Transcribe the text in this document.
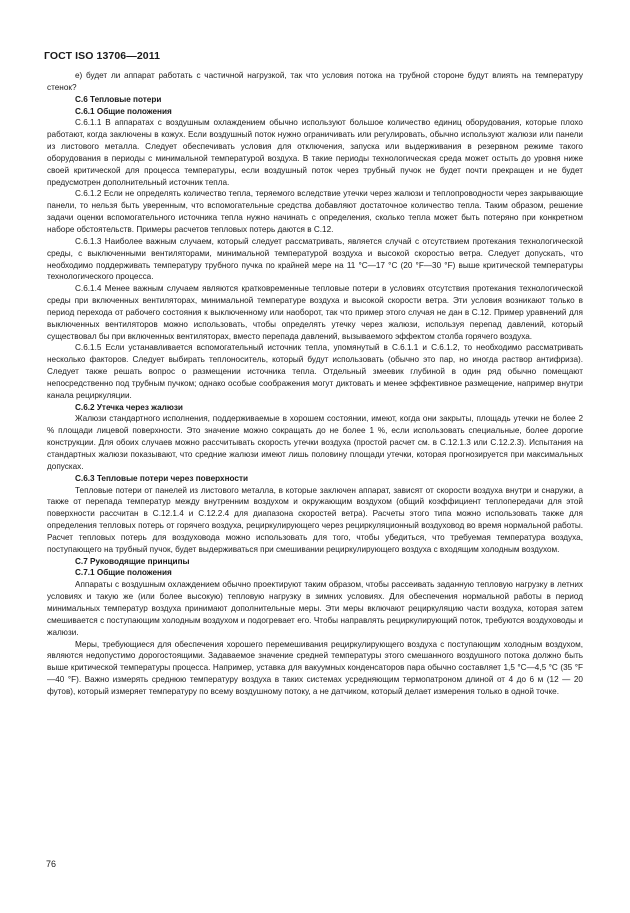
ГОСТ ISO 13706—2011

e) будет ли аппарат работать с частичной нагрузкой, так что условия потока на трубной стороне будут влиять на температуру стенок?

С.6 Тепловые потери
С.6.1 Общие положения

С.6.1.1 В аппаратах с воздушным охлаждением обычно используют большое количество единиц оборудования, которые плохо работают, когда заключены в кожух. Если воздушный поток нужно ограничивать или регулировать, обычно используют жалюзи или панели из листового металла. Следует обеспечивать условия для отключения, запуска или выдерживания в резервном режиме такого оборудования в периоды с минимальной температурой воздуха. В такие периоды технологическая среда может остыть до уровня ниже своей критической для процесса температуры, если воздушный поток через трубный пучок не будет почти прекращен и не будет предусмотрен дополнительный источник тепла.

С.6.1.2 Если не определять количество тепла, теряемого вследствие утечки через жалюзи и теплопроводности через закрывающие панели, то нельзя быть уверенным, что вспомогательные средства добавляют достаточное количество тепла. Таким образом, решение задачи оценки вспомогательного источника тепла нужно начинать с определения, сколько тепла может быть потеряно при конкретном наборе обстоятельств. Примеры расчетов тепловых потерь даются в С.12.

С.6.1.3 Наиболее важным случаем, который следует рассматривать, является случай с отсутствием протекания технологической среды, с выключенными вентиляторами, минимальной температурой воздуха и высокой скоростью ветра. Следует допускать, что необходимо поддерживать температуру трубного пучка по крайней мере на 11 °С—17 °С (20 °F—30 °F) выше критической температуры технологического процесса.

С.6.1.4 Менее важным случаем являются кратковременные тепловые потери в условиях отсутствия протекания технологической среды при включенных вентиляторах, минимальной температуре воздуха и высокой скорости ветра. Эти условия возникают только в период перехода от рабочего состояния к выключенному или наоборот, так что пример этого случая не дан в С.12. Пример уравнений для выключенных вентиляторов можно использовать, чтобы определять утечку через жалюзи, используя перепад давлений, который существовал бы при включенных вентиляторах, вместо перепада давлений, вызываемого эффектом столба горячего воздуха.

С.6.1.5 Если устанавливается вспомогательный источник тепла, упомянутый в С.6.1.1 и С.6.1.2, то необходимо рассматривать несколько факторов. Следует выбирать теплоноситель, который будут использовать (обычно это пар, но иногда раствор антифриза). Следует также решать вопрос о размещении источника тепла. Отдельный змеевик глубиной в один ряд обычно помещают непосредственно под трубным пучком; однако особые соображения могут диктовать и менее эффективное размещение, например внутри канала рециркуляции.

С.6.2 Утечка через жалюзи

Жалюзи стандартного исполнения, поддерживаемые в хорошем состоянии, имеют, когда они закрыты, площадь утечки не более 2 % площади лицевой поверхности. Это значение можно сокращать до не более 1 %, если использовать специальные, более дорогие конструкции. Для обоих случаев можно рассчитывать скорость утечки воздуха (простой расчет см. в С.12.1.3 или С.12.2.3). Испытания на стандартных жалюзи показывают, что средние жалюзи имеют лишь половину площади утечки, которая прогнозируется при максимальных допусках.

С.6.3 Тепловые потери через поверхности

Тепловые потери от панелей из листового металла, в которые заключен аппарат, зависят от скорости воздуха внутри и снаружи, а также от перепада температур между внутренним воздухом и окружающим воздухом (общий коэффициент теплопередачи для этой поверхности рассчитан в С.12.1.4 и С.12.2.4 для диапазона скоростей ветра). Расчеты этого типа можно использовать также для определения тепловых потерь от горячего воздуха, рециркулирующего через рециркуляционный воздуховод во время нормальной работы. Расчет тепловых потерь для воздуховода можно использовать для того, чтобы убедиться, что требуемая температура воздуха, поступающего на трубный пучок, будет выдерживаться при смешивании рециркулирующего воздуха с входящим холодным воздухом.

С.7 Руководящие принципы
С.7.1 Общие положения

Аппараты с воздушным охлаждением обычно проектируют таким образом, чтобы рассеивать заданную тепловую нагрузку в летних условиях и такую же (или более высокую) тепловую нагрузку в зимних условиях. Для обеспечения нормальной работы в период минимальных температур воздуха принимают дополнительные меры. Эти меры включают рециркуляцию части воздуха, которая затем смешивается с поступающим холодным воздухом и подогревает его. Чтобы направлять рециркулирующий поток, требуются воздуховоды и жалюзи.

Меры, требующиеся для обеспечения хорошего перемешивания рециркулирующего воздуха с поступающим холодным воздухом, являются недопустимо дорогостоящими. Задаваемое значение средней температуры этого смешанного воздушного потока должно быть выше критической температуры процесса. Например, уставка для вакуумных конденсаторов пара обычно составляет 1,5 °С—4,5 °С (35 °F—40 °F). Важно измерять среднюю температуру воздуха в таких системах усредняющим термопатроном длиной от 4 до 6 м (12 — 20 футов), который измеряет температуру по всему воздушному потоку, а не датчиком, который делает измерения только в одной точке.

76
